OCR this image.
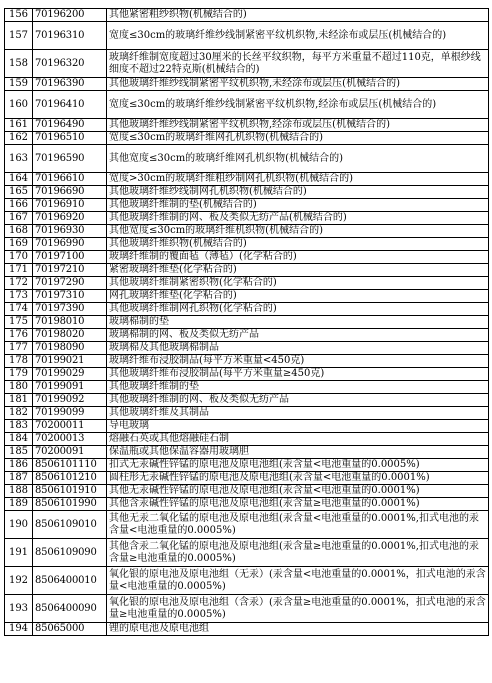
156	70196200	其他紧密粗纱织物(机械结合的)
157	70196310	宽度≤30cm的玻璃纤维纱线制紧密平纹机织物,未经涂布或层压(机械结合的)
158	70196320	玻璃纤维制宽度超过30厘米的长丝平纹织物，每平方米重量不超过110克，单根纱线细度不超过22特克斯(机械结合的)
159	70196390	其他玻璃纤维纱线制紧密平纹机织物,未经涂布或层压(机械结合的)
160	70196410	宽度≤30cm的玻璃纤维纱线制紧密平纹机织物,经涂布或层压(机械结合的)
161	70196490	其他玻璃纤维纱线制紧密平纹机织物,经涂布或层压(机械结合的)
162	70196510	宽度≤30cm的玻璃纤维网孔机织物(机械结合的)
163	70196590	其他宽度≤30cm的玻璃纤维网孔机织物(机械结合的)
164	70196610	宽度>30cm的玻璃纤维粗纱制网孔机织物(机械结合的)
165	70196690	其他玻璃纤维纱线制网孔机织物(机械结合的)
166	70196910	其他玻璃纤维制的垫(机械结合的)
167	70196920	其他玻璃纤维制的网、板及类似无纺产品(机械结合的)
168	70196930	其他宽度≤30cm的玻璃纤维机织物(机械结合的)
169	70196990	其他玻璃纤维织物(机械结合的)
170	70197100	玻璃纤维制的覆面毡（薄毡）(化学粘合的)
171	70197210	紧密玻璃纤维垫(化学粘合的)
172	70197290	其他玻璃纤维制紧密织物(化学粘合的)
173	70197310	网孔玻璃纤维垫(化学粘合的)
174	70197390	其他玻璃纤维制网孔织物(化学粘合的)
175	70198010	玻璃棉制的垫
176	70198020	玻璃棉制的网、板及类似无纺产品
177	70198090	玻璃棉及其他玻璃棉制品
178	70199021	玻璃纤维布浸胶制品(每平方米重量<450克)
179	70199029	其他玻璃纤维布浸胶制品(每平方米重量≥450克)
180	70199091	其他玻璃纤维制的垫
181	70199092	其他玻璃纤维制的网、板及类似无纺产品
182	70199099	其他玻璃纤维及其制品
183	70200011	导电玻璃
184	70200013	熔融石英或其他熔融硅石制
185	70200091	保温瓶或其他保温容器用玻璃胆
186	8506101110	扣式无汞碱性锌锰的原电池及原电池组(汞含量<电池重量的0.0005%)
187	8506101210	圆柱形无汞碱性锌锰的原电池及原电池组(汞含量<电池重量的0.0001%)
188	8506101910	其他无汞碱性锌锰的原电池及原电池组(汞含量<电池重量的0.0001%)
189	8506101990	其他含汞碱性锌锰的原电池及原电池组(汞含量≥电池重量的0.0001%)
190	8506109010	其他无汞二氧化锰的原电池及原电池组(汞含量<电池重量的0.0001%,扣式电池的汞含量<电池重量的0.0005%)
191	8506109090	其他含汞二氧化锰的原电池及原电池组(汞含量≥电池重量的0.0001%,扣式电池的汞含量≥电池重量的0.0005%)
192	8506400010	氧化银的原电池及原电池组（无汞）(汞含量<电池重量的0.0001%，扣式电池的汞含量<电池重量的0.0005%)
193	8506400090	氧化银的原电池及原电池组（含汞）(汞含量≥电池重量的0.0001%，扣式电池的汞含量≥电池重量的0.0005%)
194	85065000	锂的原电池及原电池组
